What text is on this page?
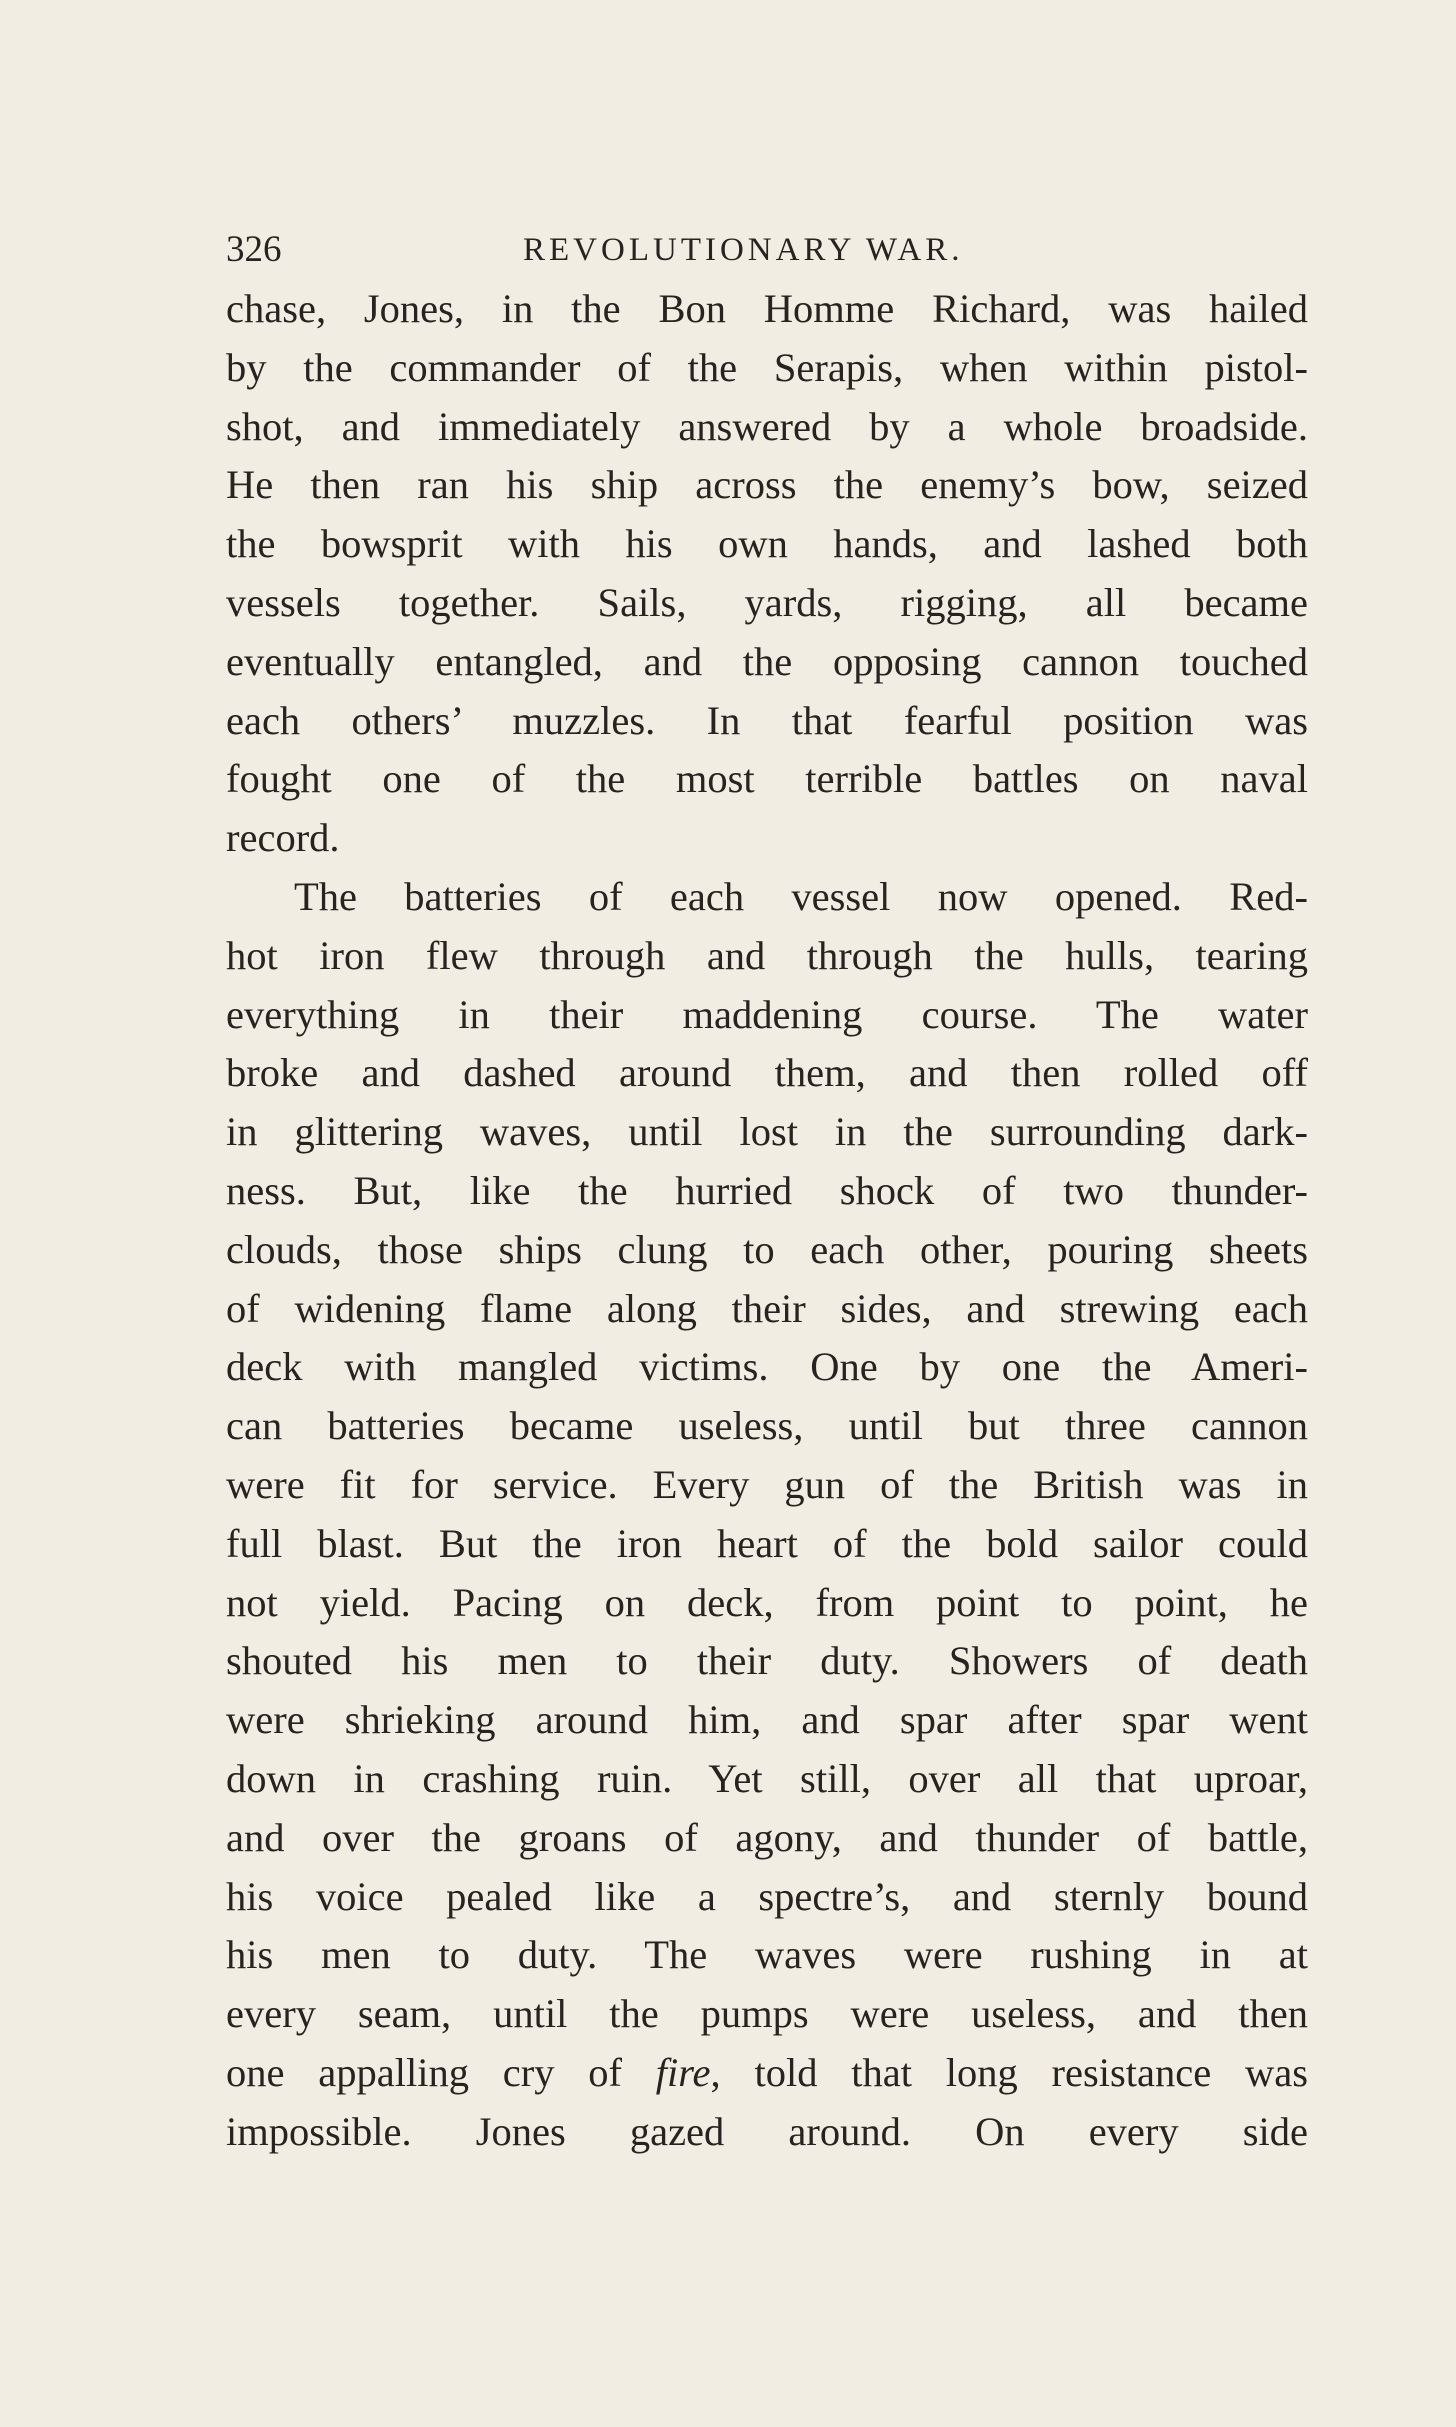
326	REVOLUTIONARY WAR.
chase, Jones, in the Bon Homme Richard, was hailed
by the commander of the Serapis, when within pistol-
shot, and immediately answered by a whole broadside.
He then ran his ship across the enemy’s bow, seized
the bowsprit with his own hands, and lashed both
vessels together. Sails, yards, rigging, all became
eventually entangled, and the opposing cannon touched
each others’ muzzles. In that fearful position was
fought one of the most terrible battles on naval
record.
The batteries of each vessel now opened. Red-
hot iron flew through and through the hulls, tearing
everything in their maddening course. The water
broke and dashed around them, and then rolled off
in glittering waves, until lost in the surrounding dark-
ness. But, like the hurried shock of two thunder-
clouds, those ships clung to each other, pouring sheets
of widening flame along their sides, and strewing each
deck with mangled victims. One by one the Ameri-
can batteries became useless, until but three cannon
were fit for service. Every gun of the British was in
full blast. But the iron heart of the bold sailor could
not yield. Pacing on deck, from point to point, he
shouted his men to their duty. Showers of death
were shrieking around him, and spar after spar went
down in crashing ruin. Yet still, over all that uproar,
and over the groans of agony, and thunder of battle,
his voice pealed like a spectre’s, and sternly bound
his men to duty. The waves were rushing in at
every seam, until the pumps were useless, and then
one appalling cry of fire, told that long resistance was
impossible. Jones gazed around. On every side
